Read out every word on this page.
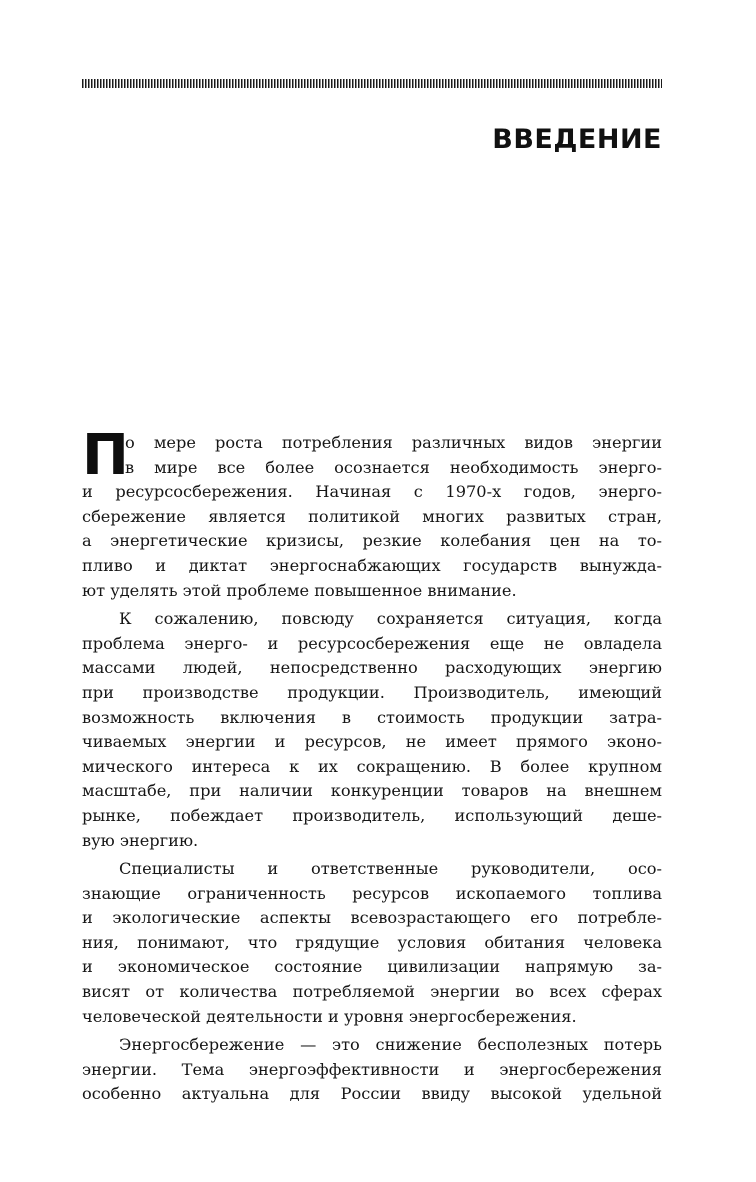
ВВЕДЕНИЕ
П
о мере роста потребления различных видов энергии
в мире все более осознается необходимость энерго-
и ресурсосбережения. Начиная с 1970-х годов, энерго-
сбережение является политикой многих развитых стран,
а энергетические кризисы, резкие колебания цен на то-
пливо и диктат энергоснабжающих государств вынужда-
ют уделять этой проблеме повышенное внимание.
К сожалению, повсюду сохраняется ситуация, когда
проблема энерго- и ресурсосбережения еще не овладела
массами людей, непосредственно расходующих энергию
при производстве продукции. Производитель, имеющий
возможность включения в стоимость продукции затра-
чиваемых энергии и ресурсов, не имеет прямого эконо-
мического интереса к их сокращению. В более крупном
масштабе, при наличии конкуренции товаров на внешнем
рынке, побеждает производитель, использующий деше-
вую энергию.
Специалисты и ответственные руководители, осо-
знающие ограниченность ресурсов ископаемого топлива
и экологические аспекты всевозрастающего его потребле-
ния, понимают, что грядущие условия обитания человека
и экономическое состояние цивилизации напрямую за-
висят от количества потребляемой энергии во всех сферах
человеческой деятельности и уровня энергосбережения.
Энергосбережение — это снижение бесполезных потерь
энергии. Тема энергоэффективности и энергосбережения
особенно актуальна для России ввиду высокой удельной
